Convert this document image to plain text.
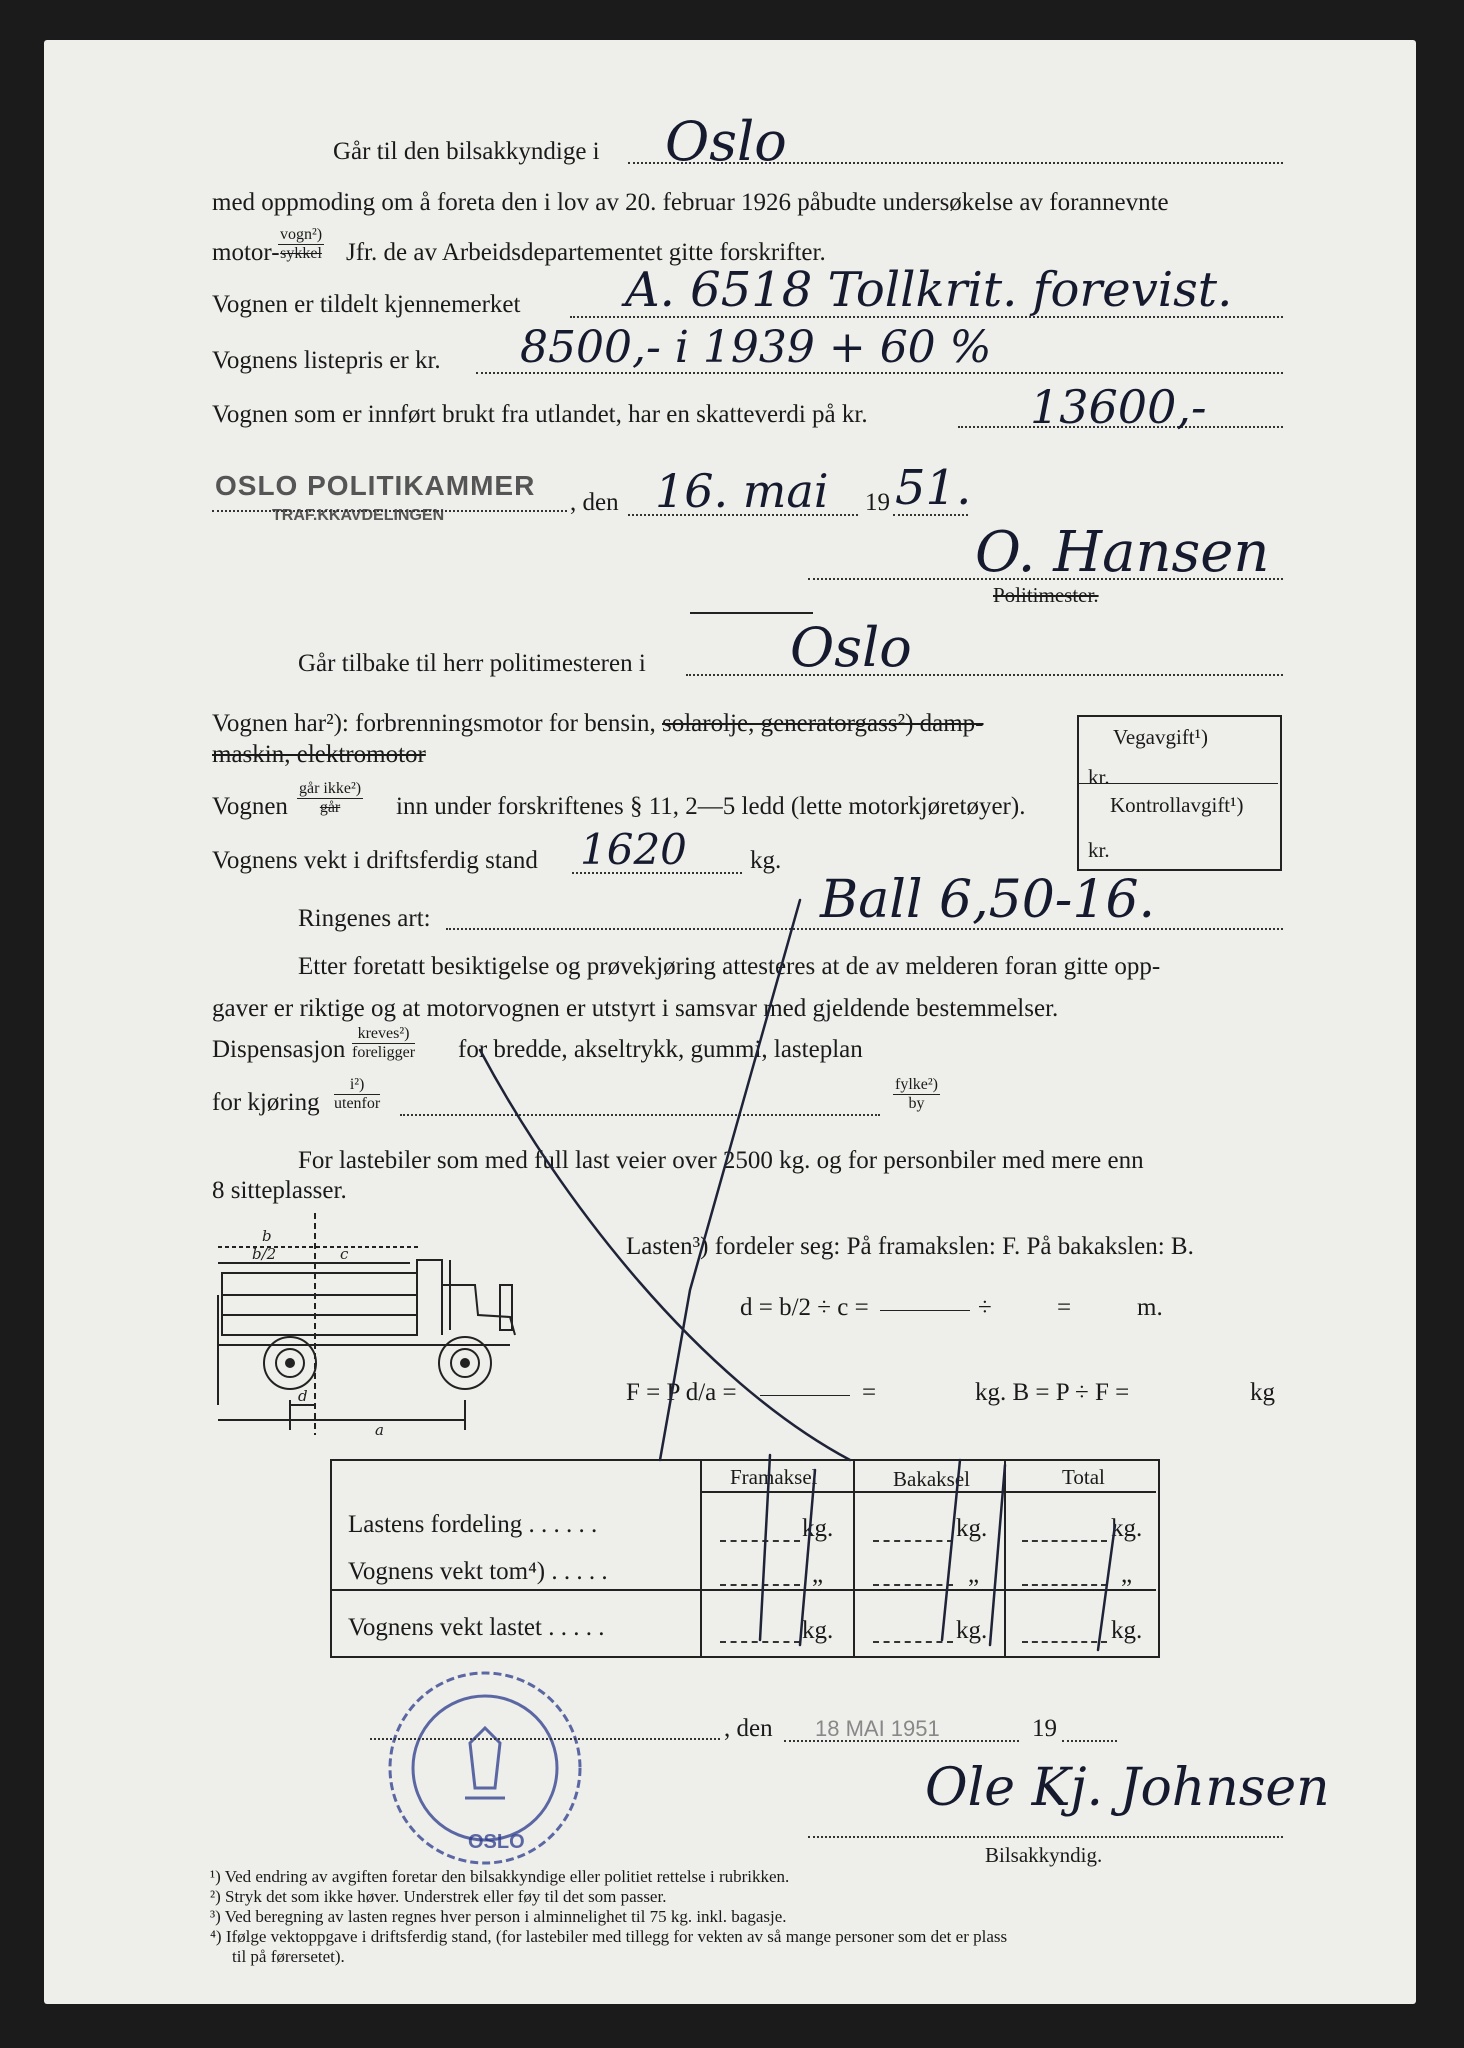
Går til den bilsakkyndige i Oslo
med oppmoding om å foreta den i lov av 20. februar 1926 påbudte undersøkelse av forannevnte
motor-
vogn²)
sykkel Jfr. de av Arbeidsdepartementet gitte forskrifter.
Vognen er tildelt kjennemerket A. 6518 Tollkrit. forevist.
Vognens listepris er kr. 8500,- i 1939 + 60 %
Vognen som er innført brukt fra utlandet, har en skatteverdi på kr.	13600,-
OSLO POLITIKAMMER
TRAF.KKAVDELINGEN	, den 16. mai 19 51.
O. Hansen
Politimester.
Går tilbake til herr politimesteren i	Oslo
Vognen har²): forbrenningsmotor for bensin, solarolje, generatorgass²) damp-
maskin, elektromotor
Vegavgift¹)
kr.
Kontrollavgift¹)
kr.
Vognen
går ikke²)
går	inn under forskriftenes § 11, 2—5 ledd (lette motorkjøretøyer).
Vognens vekt i driftsferdig stand 1620	kg.
Ringenes art:	Ball 6,50-16.
Etter foretatt besiktigelse og prøvekjøring attesteres at de av melderen foran gitte opp-
gaver er riktige og at motorvognen er utstyrt i samsvar med gjeldende bestemmelser.
Dispensasjon
kreves²)
foreligger for bredde, akseltrykk, gummi, lasteplan
for kjøring
i²)
utenfor
fylke²)
by
For lastebiler som med full last veier over 2500 kg. og for personbiler med mere enn
8 sitteplasser.
b
b/2	c
d
a
Lasten³) fordeler seg: På framakslen: F. På bakakslen: B.
d = b/2 ÷ c =	÷	=	m.
F = P d/a =	=	kg. B = P ÷ F =	kg
Framaksel	Bakaksel	Total
Lastens fordeling . . . . . .	kg.	kg.	kg.
Vognens vekt tom⁴) . . . . .	„	„	„
Vognens vekt lastet . . . . .	kg.	kg.	kg.
OSLO
, den 18 MAI 1951	19
Ole Kj. Johnsen
Bilsakkyndig.
¹) Ved endring av avgiften foretar den bilsakkyndige eller politiet rettelse i rubrikken.
²) Stryk det som ikke høver. Understrek eller føy til det som passer.
³) Ved beregning av lasten regnes hver person i alminnelighet til 75 kg. inkl. bagasje.
⁴) Ifølge vektoppgave i driftsferdig stand, (for lastebiler med tillegg for vekten av så mange personer som det er plass
til på førersetet).
